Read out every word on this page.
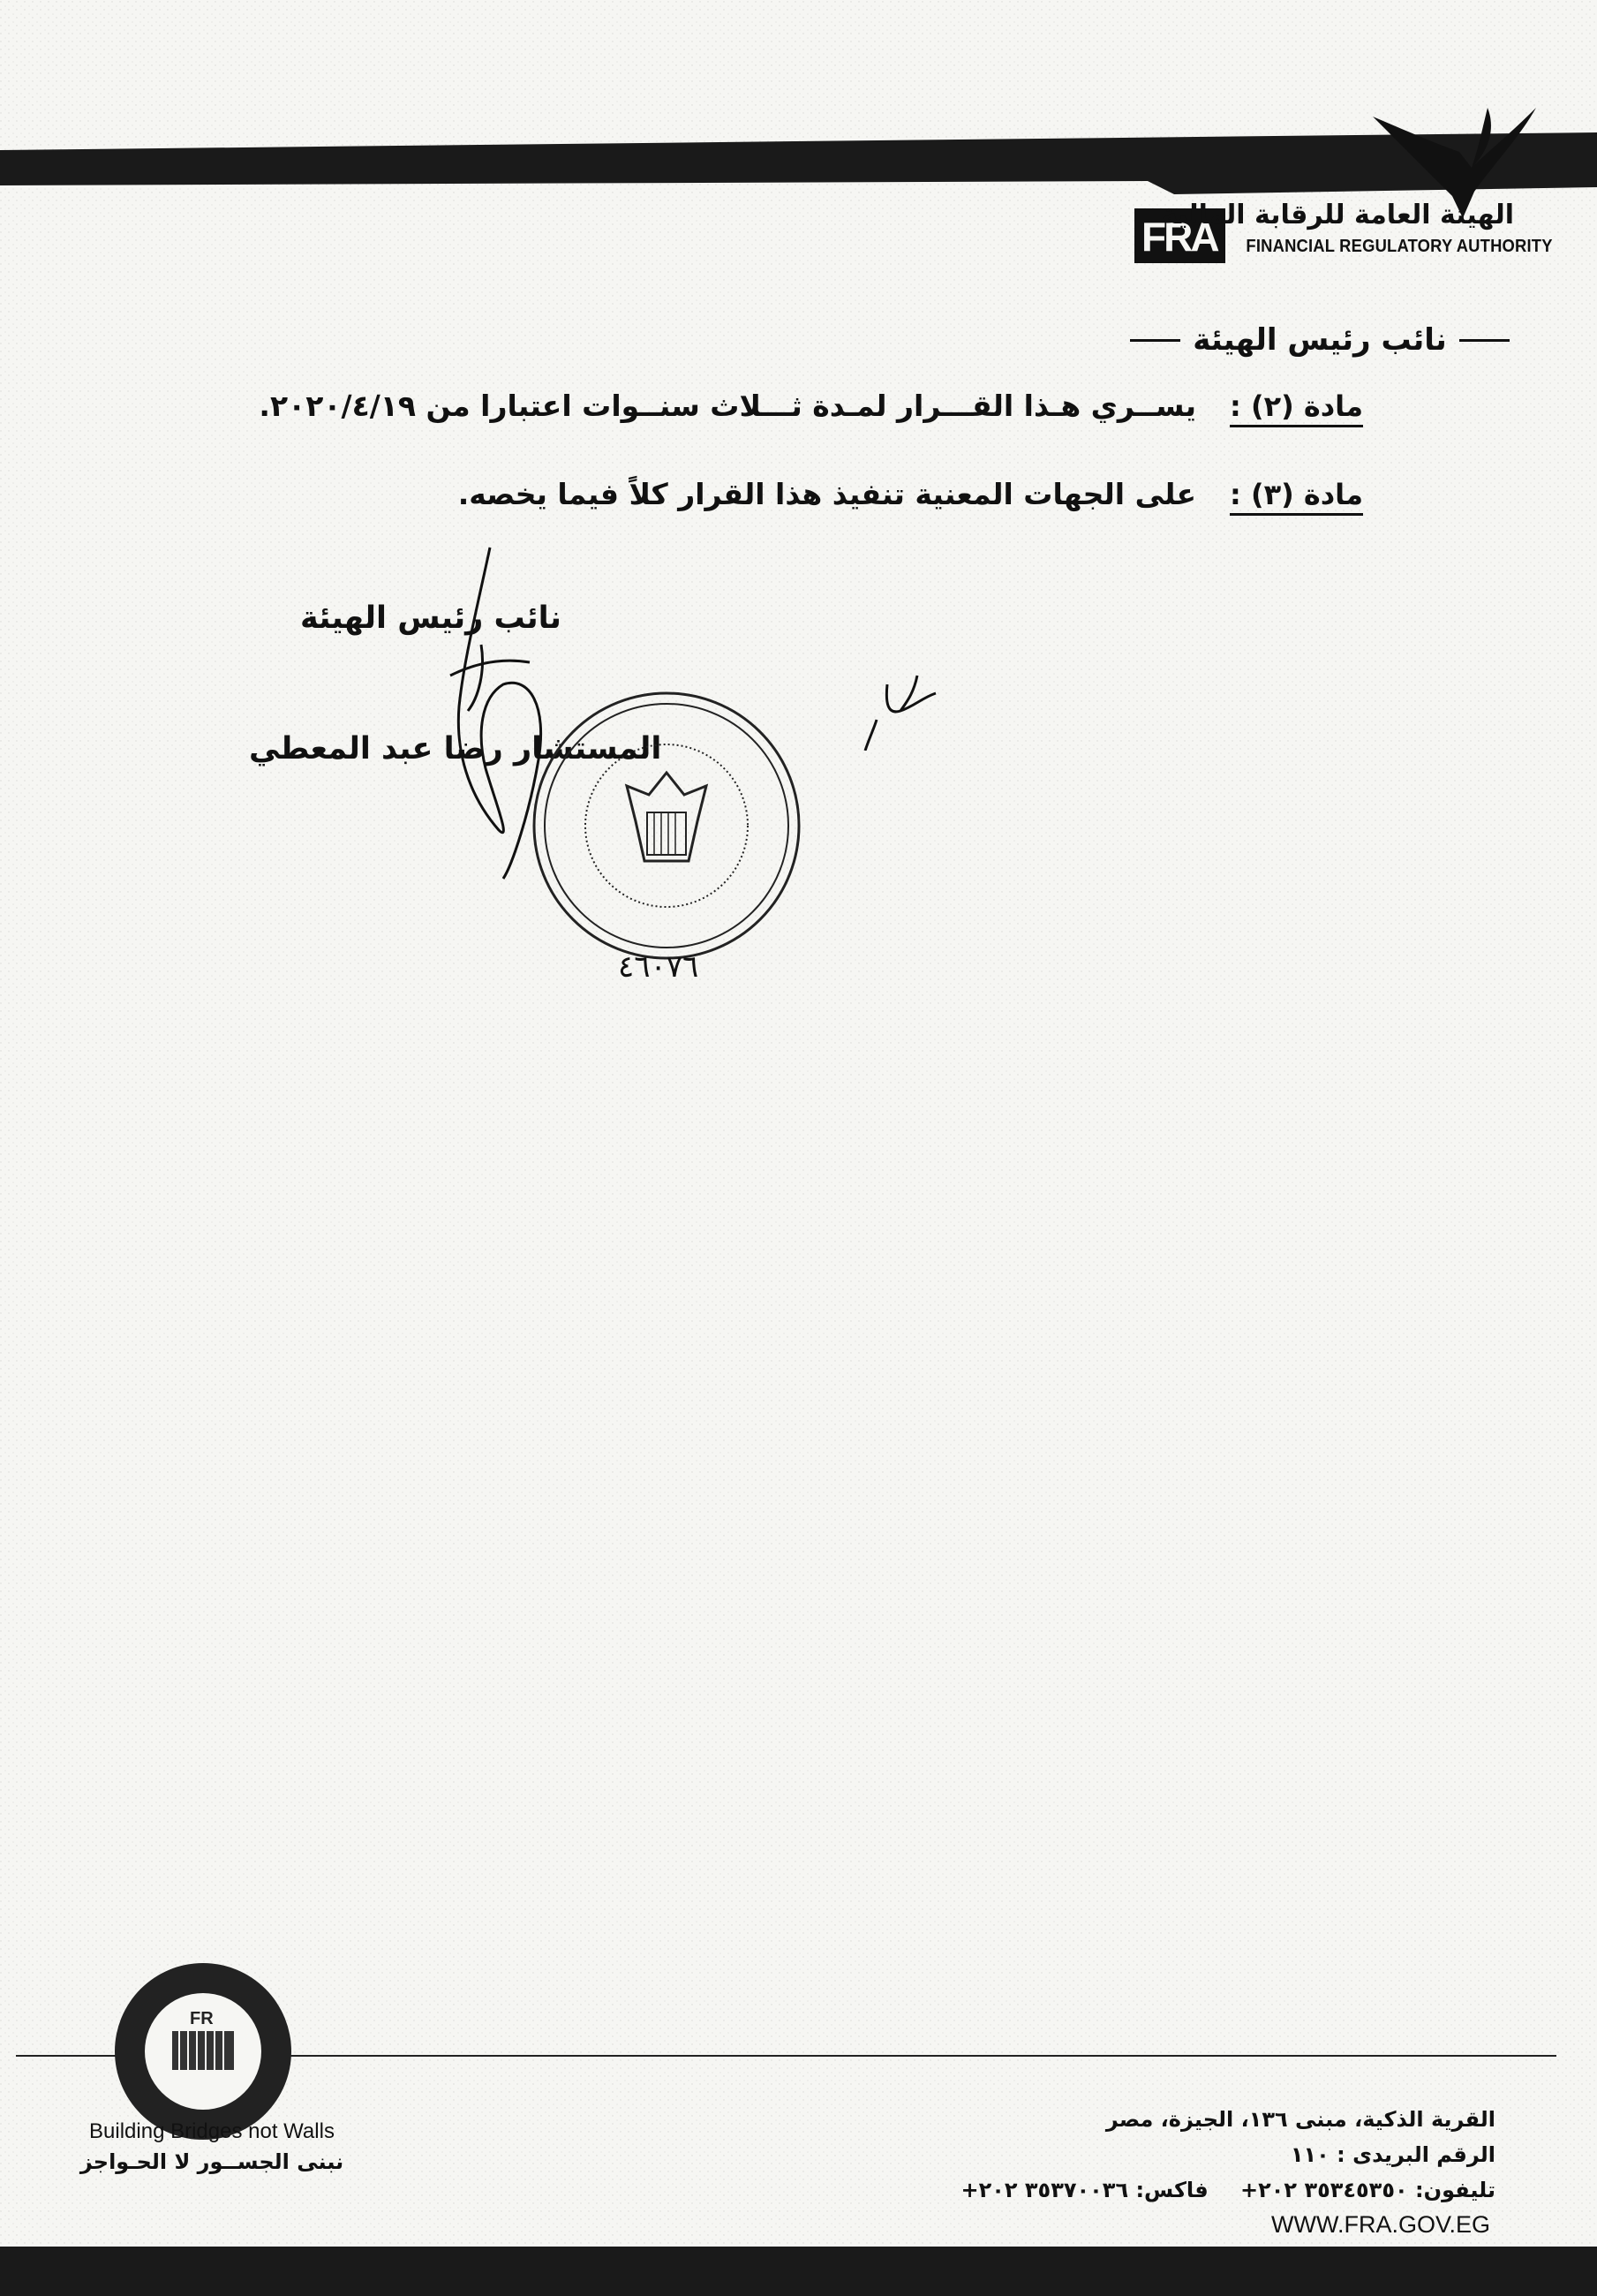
FRA
الهيئة العامة للرقابة المالية
FINANCIAL REGULATORY AUTHORITY
نائب رئيس الهيئة
مادة (٢) :
يســري هـذا القـــرار لمـدة ثـــلاث سنــوات اعتبارا من ٢٠٢٠/٤/١٩.
مادة (٣) :
على الجهات المعنية تنفيذ هذا القرار كلاً فيما يخصه.
نائب رئيس الهيئة
المستشار رضا عبد المعطي
٤٦٠٧٦
FR
Building Bridges not Walls
نبنى الجســور لا الحـواجز
القرية الذكية، مبنى ١٣٦، الجيزة، مصر
الرقم البريدى : ١١٠
تليفون: ٣٥٣٤٥٣٥٠ ٢٠٢+ فاكس: ٣٥٣٧٠٠٣٦ ٢٠٢+
WWW.FRA.GOV.EG
